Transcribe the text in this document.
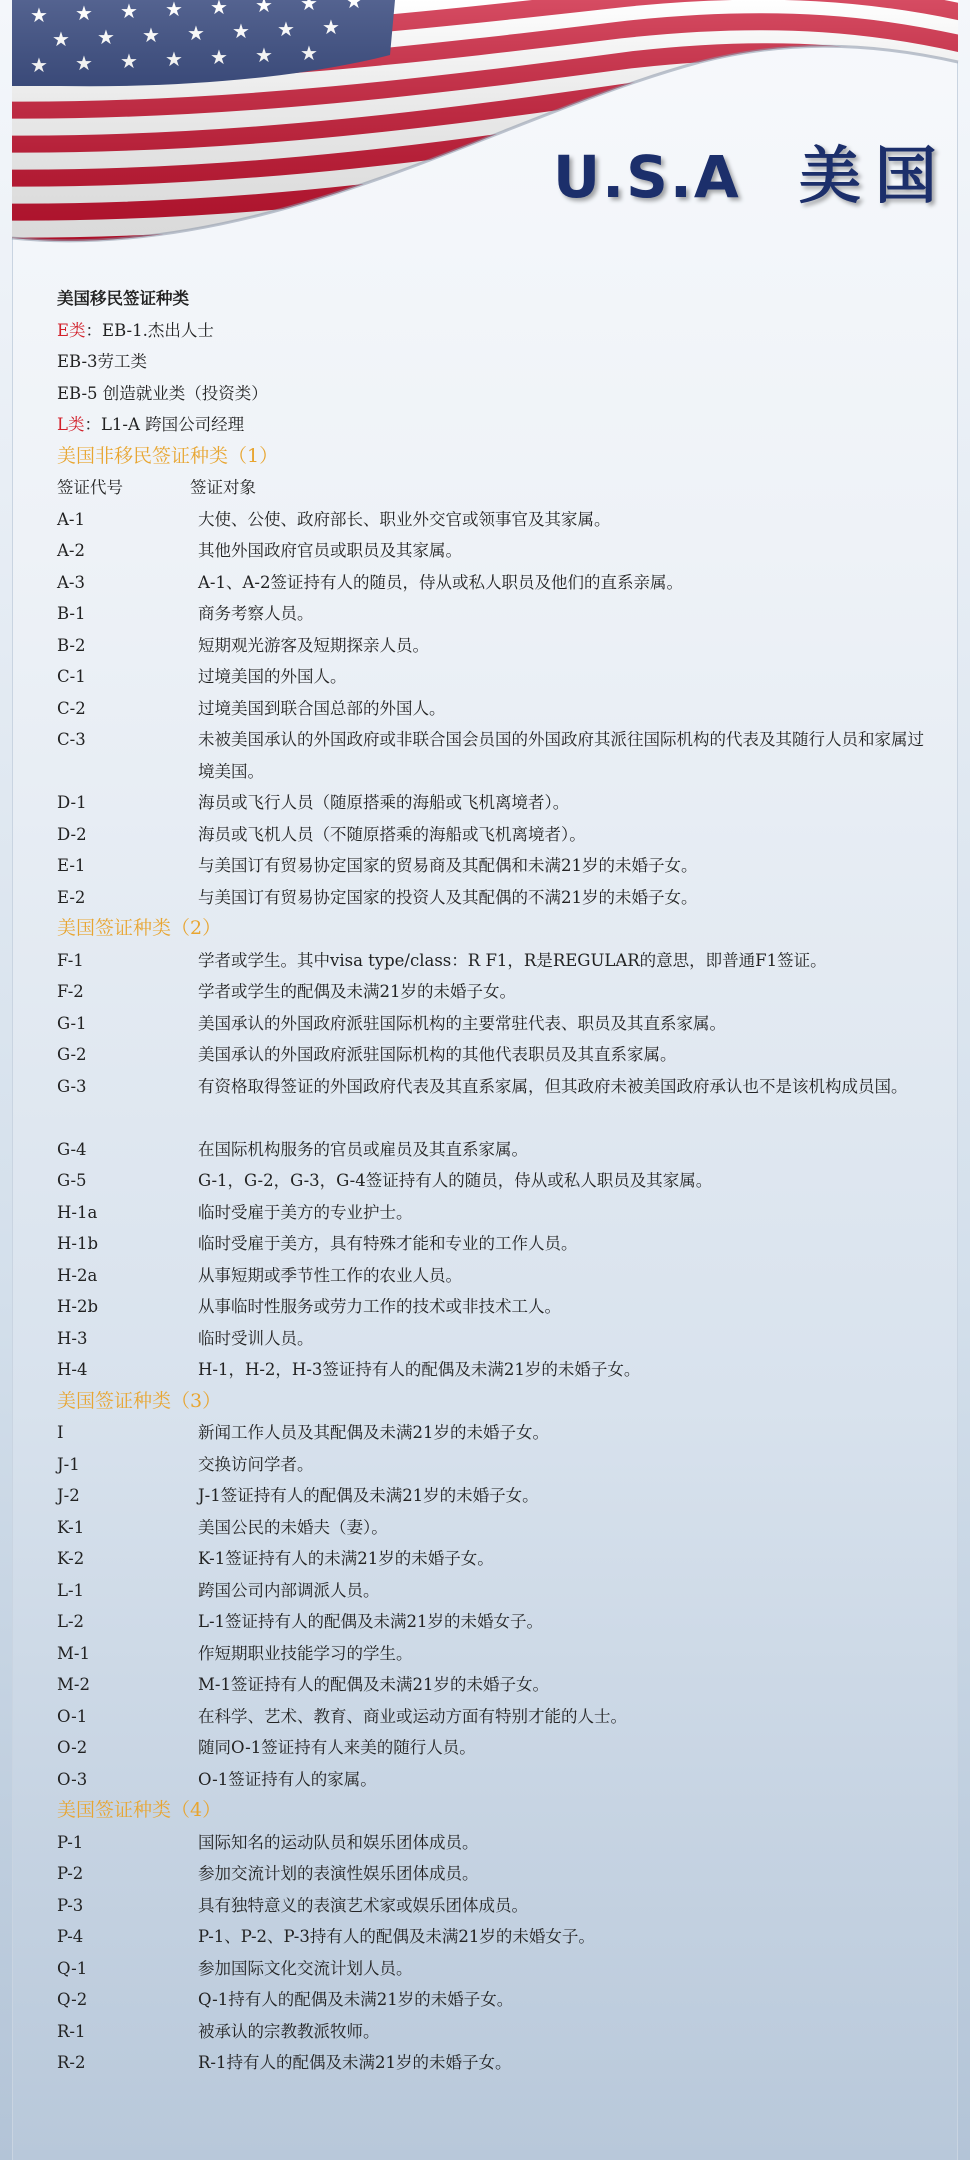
U.S.A 美国
美国移民签证种类
E类：EB-1.杰出人士
EB-3劳工类
EB-5 创造就业类（投资类）
L类：L1-A 跨国公司经理
美国非移民签证种类（1）
签证代号	签证对象
A-1	大使、公使、政府部长、职业外交官或领事官及其家属。
A-2	其他外国政府官员或职员及其家属。
A-3	A-1、A-2签证持有人的随员，侍从或私人职员及他们的直系亲属。
B-1	商务考察人员。
B-2	短期观光游客及短期探亲人员。
C-1	过境美国的外国人。
C-2	过境美国到联合国总部的外国人。
C-3	未被美国承认的外国政府或非联合国会员国的外国政府其派往国际机构的代表及其随行人员和家属过境美国。
D-1	海员或飞行人员（随原搭乘的海船或飞机离境者）。
D-2	海员或飞机人员（不随原搭乘的海船或飞机离境者）。
E-1	与美国订有贸易协定国家的贸易商及其配偶和未满21岁的未婚子女。
E-2	与美国订有贸易协定国家的投资人及其配偶的不满21岁的未婚子女。
美国签证种类（2）
F-1	学者或学生。其中visa type/class：R F1，R是REGULAR的意思，即普通F1签证。
F-2	学者或学生的配偶及未满21岁的未婚子女。
G-1	美国承认的外国政府派驻国际机构的主要常驻代表、职员及其直系家属。
G-2	美国承认的外国政府派驻国际机构的其他代表职员及其直系家属。
G-3	有资格取得签证的外国政府代表及其直系家属，但其政府未被美国政府承认也不是该机构成员国。
G-4	在国际机构服务的官员或雇员及其直系家属。
G-5	G-1，G-2，G-3，G-4签证持有人的随员，侍从或私人职员及其家属。
H-1a	临时受雇于美方的专业护士。
H-1b	临时受雇于美方，具有特殊才能和专业的工作人员。
H-2a	从事短期或季节性工作的农业人员。
H-2b	从事临时性服务或劳力工作的技术或非技术工人。
H-3	临时受训人员。
H-4	H-1，H-2，H-3签证持有人的配偶及未满21岁的未婚子女。
美国签证种类（3）
I	新闻工作人员及其配偶及未满21岁的未婚子女。
J-1	交换访问学者。
J-2	J-1签证持有人的配偶及未满21岁的未婚子女。
K-1	美国公民的未婚夫（妻）。
K-2	K-1签证持有人的未满21岁的未婚子女。
L-1	跨国公司内部调派人员。
L-2	L-1签证持有人的配偶及未满21岁的未婚女子。
M-1	作短期职业技能学习的学生。
M-2	M-1签证持有人的配偶及未满21岁的未婚子女。
O-1	在科学、艺术、教育、商业或运动方面有特别才能的人士。
O-2	随同O-1签证持有人来美的随行人员。
O-3	O-1签证持有人的家属。
美国签证种类（4）
P-1	国际知名的运动队员和娱乐团体成员。
P-2	参加交流计划的表演性娱乐团体成员。
P-3	具有独特意义的表演艺术家或娱乐团体成员。
P-4	P-1、P-2、P-3持有人的配偶及未满21岁的未婚女子。
Q-1	参加国际文化交流计划人员。
Q-2	Q-1持有人的配偶及未满21岁的未婚子女。
R-1	被承认的宗教教派牧师。
R-2	R-1持有人的配偶及未满21岁的未婚子女。
